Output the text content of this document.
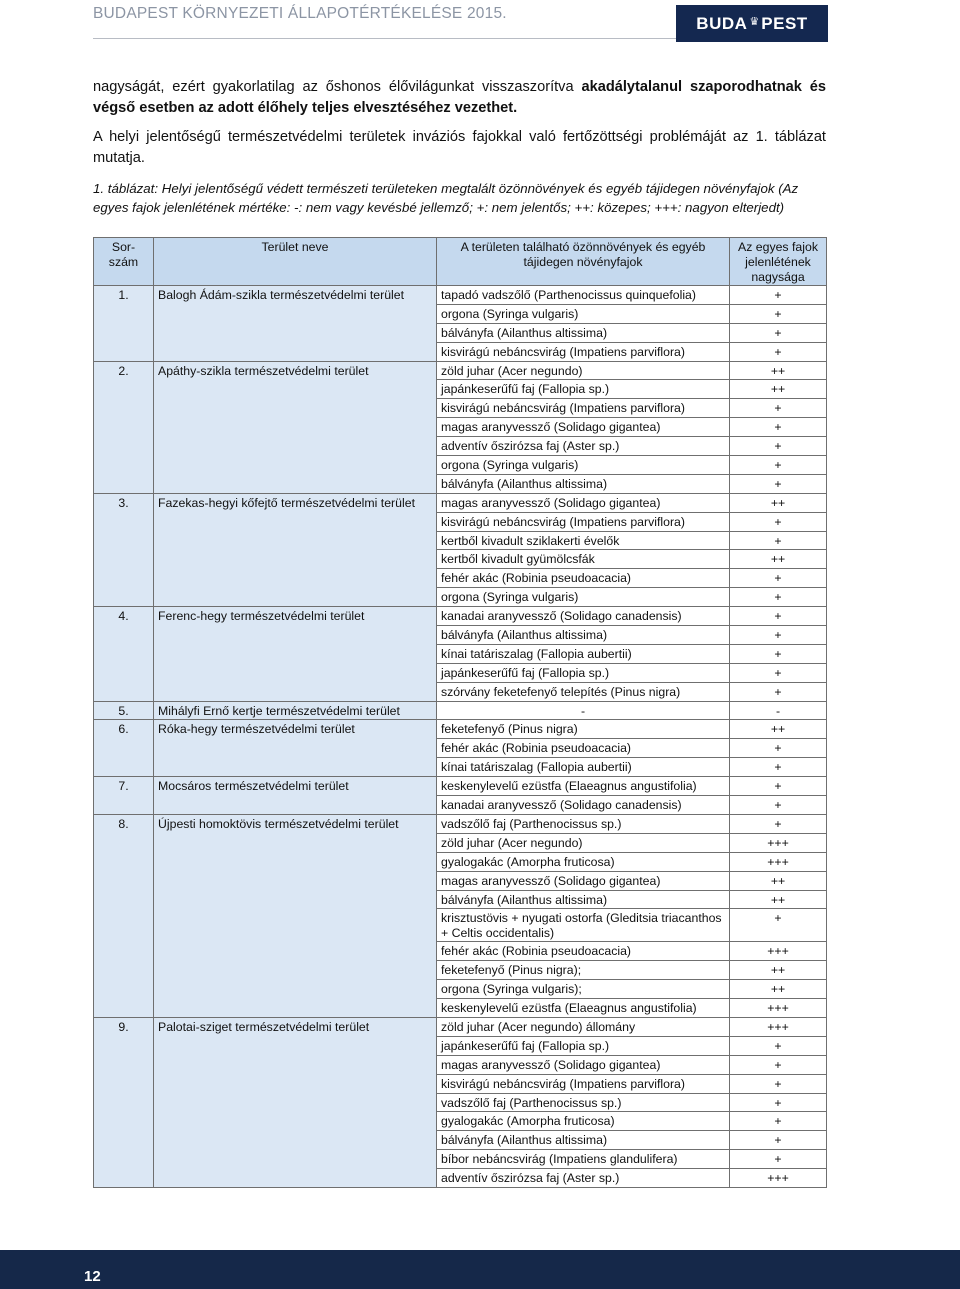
BUDAPEST KÖRNYEZETI ÁLLAPOTÉRTÉKELÉSE 2015.	BUDA ♛ PEST

nagyságát, ezért gyakorlatilag az őshonos élővilágunkat visszaszorítva akadálytalanul szaporodhatnak és végső esetben az adott élőhely teljes elvesztéséhez vezethet.

A helyi jelentőségű természetvédelmi területek inváziós fajokkal való fertőzöttségi problémáját az 1. táblázat mutatja.

1. táblázat: Helyi jelentőségű védett természeti területeken megtalált özönnövények és egyéb tájidegen növényfajok (Az egyes fajok jelenlétének mértéke: -: nem vagy kevésbé jellemző; +: nem jelentős; ++: közepes; +++: nagyon elterjedt)

Sor-szám	Terület neve	A területen található özönnövények és egyéb tájidegen növényfajok	Az egyes fajok jelenlétének nagysága
1.	Balogh Ádám-szikla természetvédelmi terület	tapadó vadszőlő (Parthenocissus quinquefolia)	+
		orgona (Syringa vulgaris)	+
		bálványfa (Ailanthus altissima)	+
		kisvirágú nebáncsvirág (Impatiens parviflora)	+
2.	Apáthy-szikla természetvédelmi terület	zöld juhar (Acer negundo)	++
		japánkeserűfű faj (Fallopia sp.)	++
		kisvirágú nebáncsvirág (Impatiens parviflora)	+
		magas aranyvessző (Solidago gigantea)	+
		adventív őszirózsa faj (Aster sp.)	+
		orgona (Syringa vulgaris)	+
		bálványfa (Ailanthus altissima)	+
3.	Fazekas-hegyi kőfejtő természetvédelmi terület	magas aranyvessző (Solidago gigantea)	++
		kisvirágú nebáncsvirág (Impatiens parviflora)	+
		kertből kivadult sziklakerti évelők	+
		kertből kivadult gyümölcsfák	++
		fehér akác (Robinia pseudoacacia)	+
		orgona (Syringa vulgaris)	+
4.	Ferenc-hegy természetvédelmi terület	kanadai aranyvessző (Solidago canadensis)	+
		bálványfa (Ailanthus altissima)	+
		kínai tatáriszalag (Fallopia aubertii)	+
		japánkeserűfű faj (Fallopia sp.)	+
		szórvány feketefenyő telepítés (Pinus nigra)	+
5.	Mihályfi Ernő kertje természetvédelmi terület	-	-
6.	Róka-hegy természetvédelmi terület	feketefenyő (Pinus nigra)	++
		fehér akác (Robinia pseudoacacia)	+
		kínai tatáriszalag (Fallopia aubertii)	+
7.	Mocsáros természetvédelmi terület	keskenylevelű ezüstfa (Elaeagnus angustifolia)	+
		kanadai aranyvessző (Solidago canadensis)	+
8.	Újpesti homoktövis természetvédelmi terület	vadszőlő faj (Parthenocissus sp.)	+
		zöld juhar (Acer negundo)	+++
		gyalogakác (Amorpha fruticosa)	+++
		magas aranyvessző (Solidago gigantea)	++
		bálványfa (Ailanthus altissima)	++
		krisztustövis + nyugati ostorfa (Gleditsia triacanthos + Celtis occidentalis)	+
		fehér akác (Robinia pseudoacacia)	+++
		feketefenyő (Pinus nigra);	++
		orgona (Syringa vulgaris);	++
		keskenylevelű ezüstfa (Elaeagnus angustifolia)	+++
9.	Palotai-sziget természetvédelmi terület	zöld juhar (Acer negundo) állomány	+++
		japánkeserűfű faj (Fallopia sp.)	+
		magas aranyvessző (Solidago gigantea)	+
		kisvirágú nebáncsvirág (Impatiens parviflora)	+
		vadszőlő faj (Parthenocissus sp.)	+
		gyalogakác (Amorpha fruticosa)	+
		bálványfa (Ailanthus altissima)	+
		bíbor nebáncsvirág (Impatiens glandulifera)	+
		adventív őszirózsa faj (Aster sp.)	+++
12
